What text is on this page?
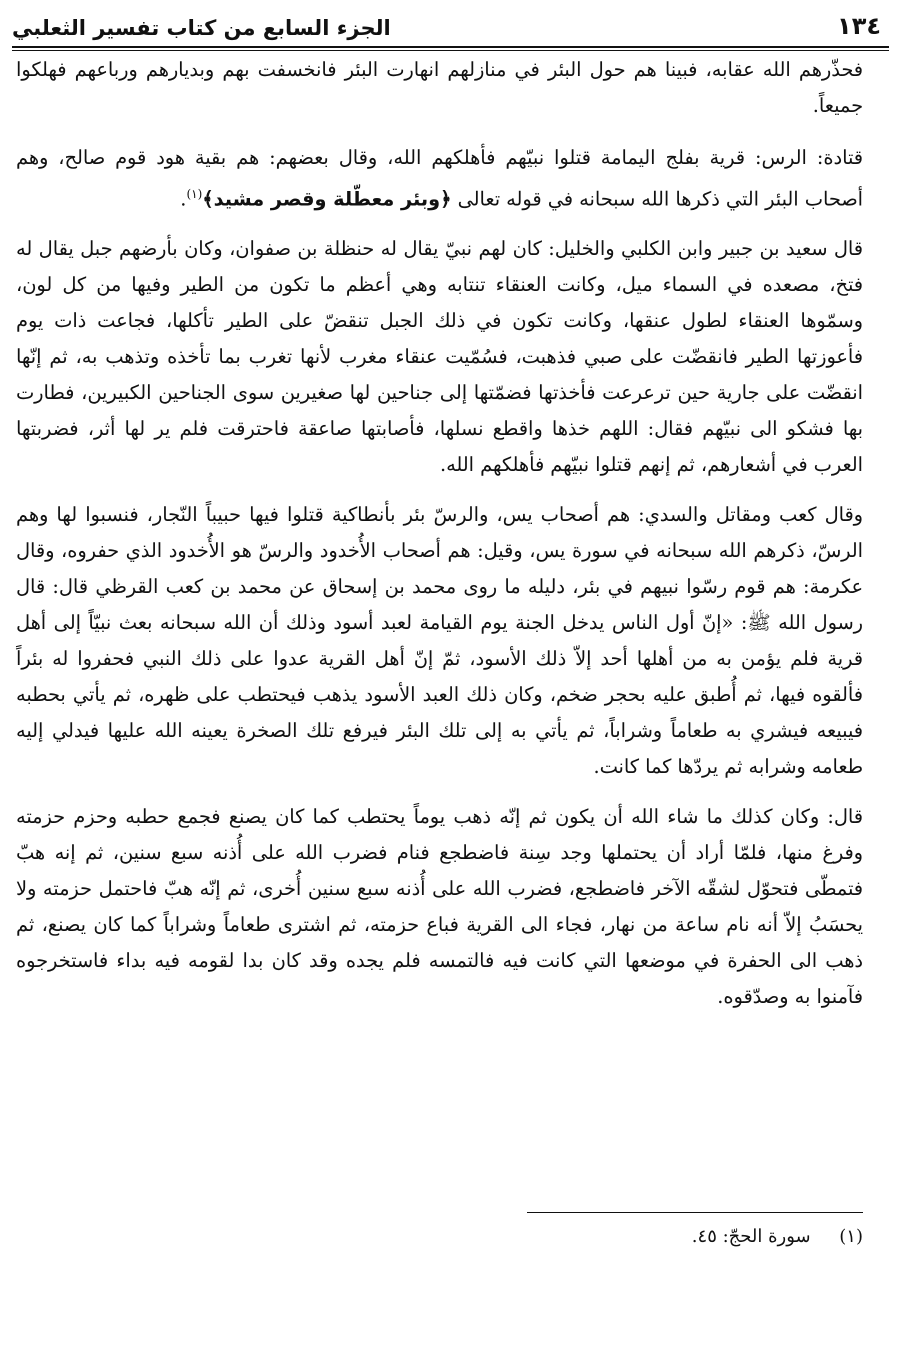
الجزء السابع من كتاب تفسير الثعلبي	١٣٤

فحذّرهم الله عقابه، فبينا هم حول البئر في منازلهم انهارت البئر فانخسفت بهم وبديارهم ورباعهم فهلكوا جميعاً.

قتادة: الرس: قرية بفلج اليمامة قتلوا نبيّهم فأهلكهم الله، وقال بعضهم: هم بقية هود قوم صالح، وهم أصحاب البئر التي ذكرها الله سبحانه في قوله تعالى ﴿وبئر معطّلة وقصر مشيد﴾$^{(١)}$.

قال سعيد بن جبير وابن الكلبي والخليل: كان لهم نبيّ يقال له حنظلة بن صفوان، وكان بأرضهم جبل يقال له فتخ، مصعده في السماء ميل، وكانت العنقاء تنتابه وهي أعظم ما تكون من الطير وفيها من كل لون، وسمّوها العنقاء لطول عنقها، وكانت تكون في ذلك الجبل تنقضّ على الطير تأكلها، فجاعت ذات يوم فأعوزتها الطير فانقضّت على صبي فذهبت، فسُمّيت عنقاء مغرب لأنها تغرب بما تأخذه وتذهب به، ثم إنّها انقضّت على جارية حين ترعرعت فأخذتها فضمّتها إلى جناحين لها صغيرين سوى الجناحين الكبيرين، فطارت بها فشكو الى نبيّهم فقال: اللهم خذها واقطع نسلها، فأصابتها صاعقة فاحترقت فلم ير لها أثر، فضربتها العرب في أشعارهم، ثم إنهم قتلوا نبيّهم فأهلكهم الله.

وقال كعب ومقاتل والسدي: هم أصحاب يس، والرسّ بئر بأنطاكية قتلوا فيها حبيباً النّجار، فنسبوا لها وهم الرسّ، ذكرهم الله سبحانه في سورة يس، وقيل: هم أصحاب الأُخدود والرسّ هو الأُخدود الذي حفروه، وقال عكرمة: هم قوم رسّوا نبيهم في بئر، دليله ما روى محمد بن إسحاق عن محمد بن كعب القرظي قال: قال رسول الله ﷺ: «إنّ أول الناس يدخل الجنة يوم القيامة لعبد أسود وذلك أن الله سبحانه بعث نبيّاً إلى أهل قرية فلم يؤمن به من أهلها أحد إلاّ ذلك الأسود، ثمّ إنّ أهل القرية عدوا على ذلك النبي فحفروا له بئراً فألقوه فيها، ثم أُطبق عليه بحجر ضخم، وكان ذلك العبد الأسود يذهب فيحتطب على ظهره، ثم يأتي بحطبه فيبيعه فيشري به طعاماً وشراباً، ثم يأتي به إلى تلك البئر فيرفع تلك الصخرة يعينه الله عليها فيدلي إليه طعامه وشرابه ثم يردّها كما كانت.

قال: وكان كذلك ما شاء الله أن يكون ثم إنّه ذهب يوماً يحتطب كما كان يصنع فجمع حطبه وحزم حزمته وفرغ منها، فلمّا أراد أن يحتملها وجد سِنة فاضطجع فنام فضرب الله على أُذنه سبع سنين، ثم إنه هبّ فتمطّى فتحوّل لشقّه الآخر فاضطجع، فضرب الله على أُذنه سبع سنين أُخرى، ثم إنّه هبّ فاحتمل حزمته ولا يحسَبُ إلاّ أنه نام ساعة من نهار، فجاء الى القرية فباع حزمته، ثم اشترى طعاماً وشراباً كما كان يصنع، ثم ذهب الى الحفرة في موضعها التي كانت فيه فالتمسه فلم يجده وقد كان بدا لقومه فيه بداء فاستخرجوه فآمنوا به وصدّقوه.

(١)     سورة الحجّ: ٤٥.
